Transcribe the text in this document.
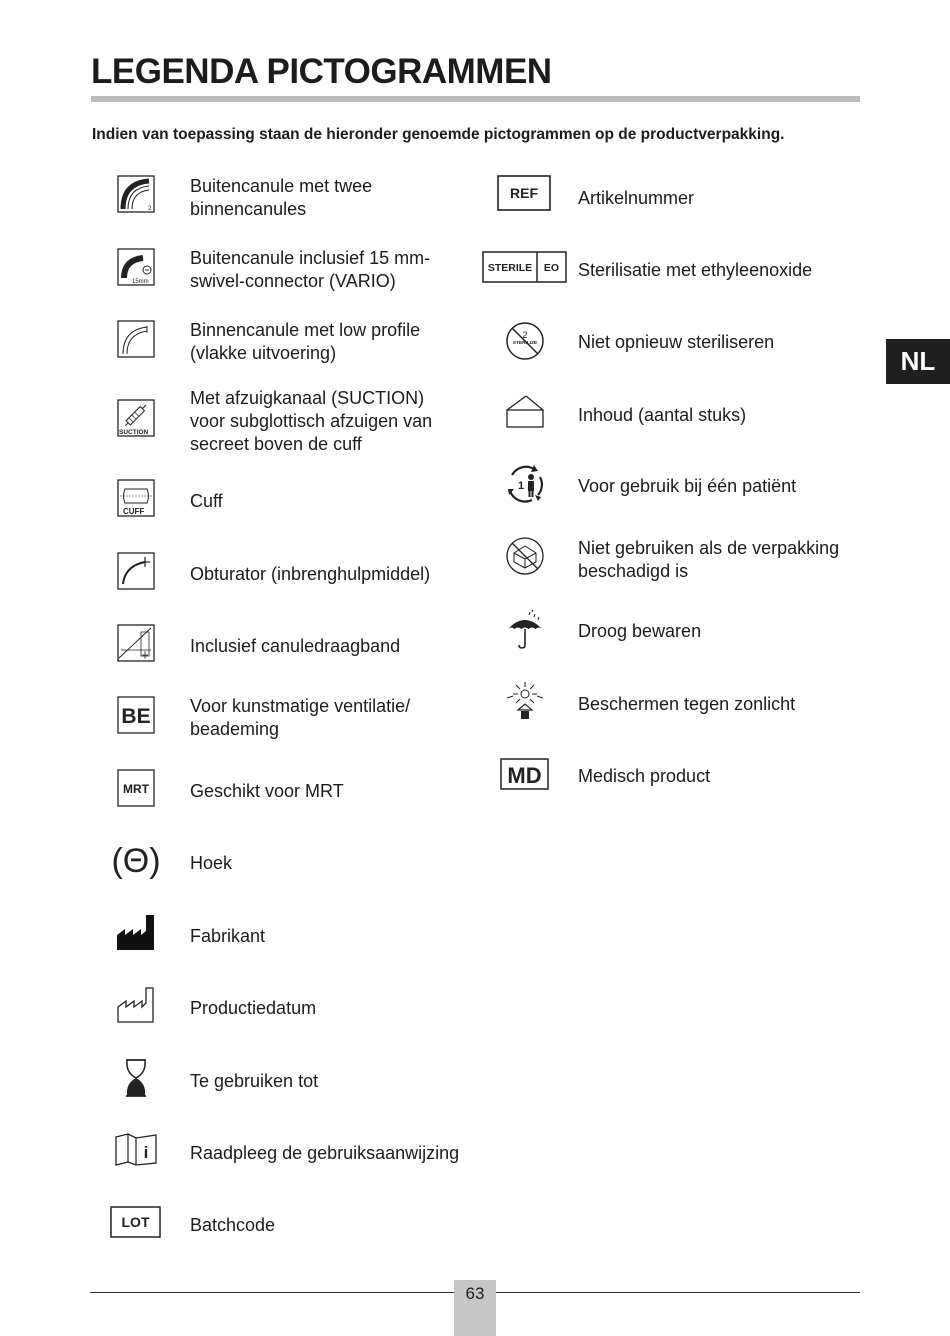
LEGENDA PICTOGRAMMEN
Indien van toepassing staan de hieronder genoemde pictogrammen op de productverpakking.
NL
2
Buitencanule met twee binnencanules
15mm
Buitencanule inclusief 15 mm-swivel-connector (VARIO)
Binnencanule met low profile (vlakke uitvoering)
SUCTION
Met afzuigkanaal (SUCTION) voor subglottisch afzuigen van secreet boven de cuff
CUFF
Cuff
Obturator (inbrenghulpmiddel)
Inclusief canuledraagband
BE Voor kunstmatige ventilatie/ beademing
MRT Geschikt voor MRT
(Θ) Hoek
Fabrikant
Productiedatum
Te gebruiken tot
i Raadpleeg de gebruiksaanwijzing
LOT Batchcode
REF Artikelnummer
STERILE EO Sterilisatie met ethyleenoxide
2
STERILIZE Niet opnieuw steriliseren
Inhoud (aantal stuks)
1	Voor gebruik bij één patiënt
Niet gebruiken als de verpakking beschadigd is
Droog bewaren
Beschermen tegen zonlicht
MD Medisch product
63
